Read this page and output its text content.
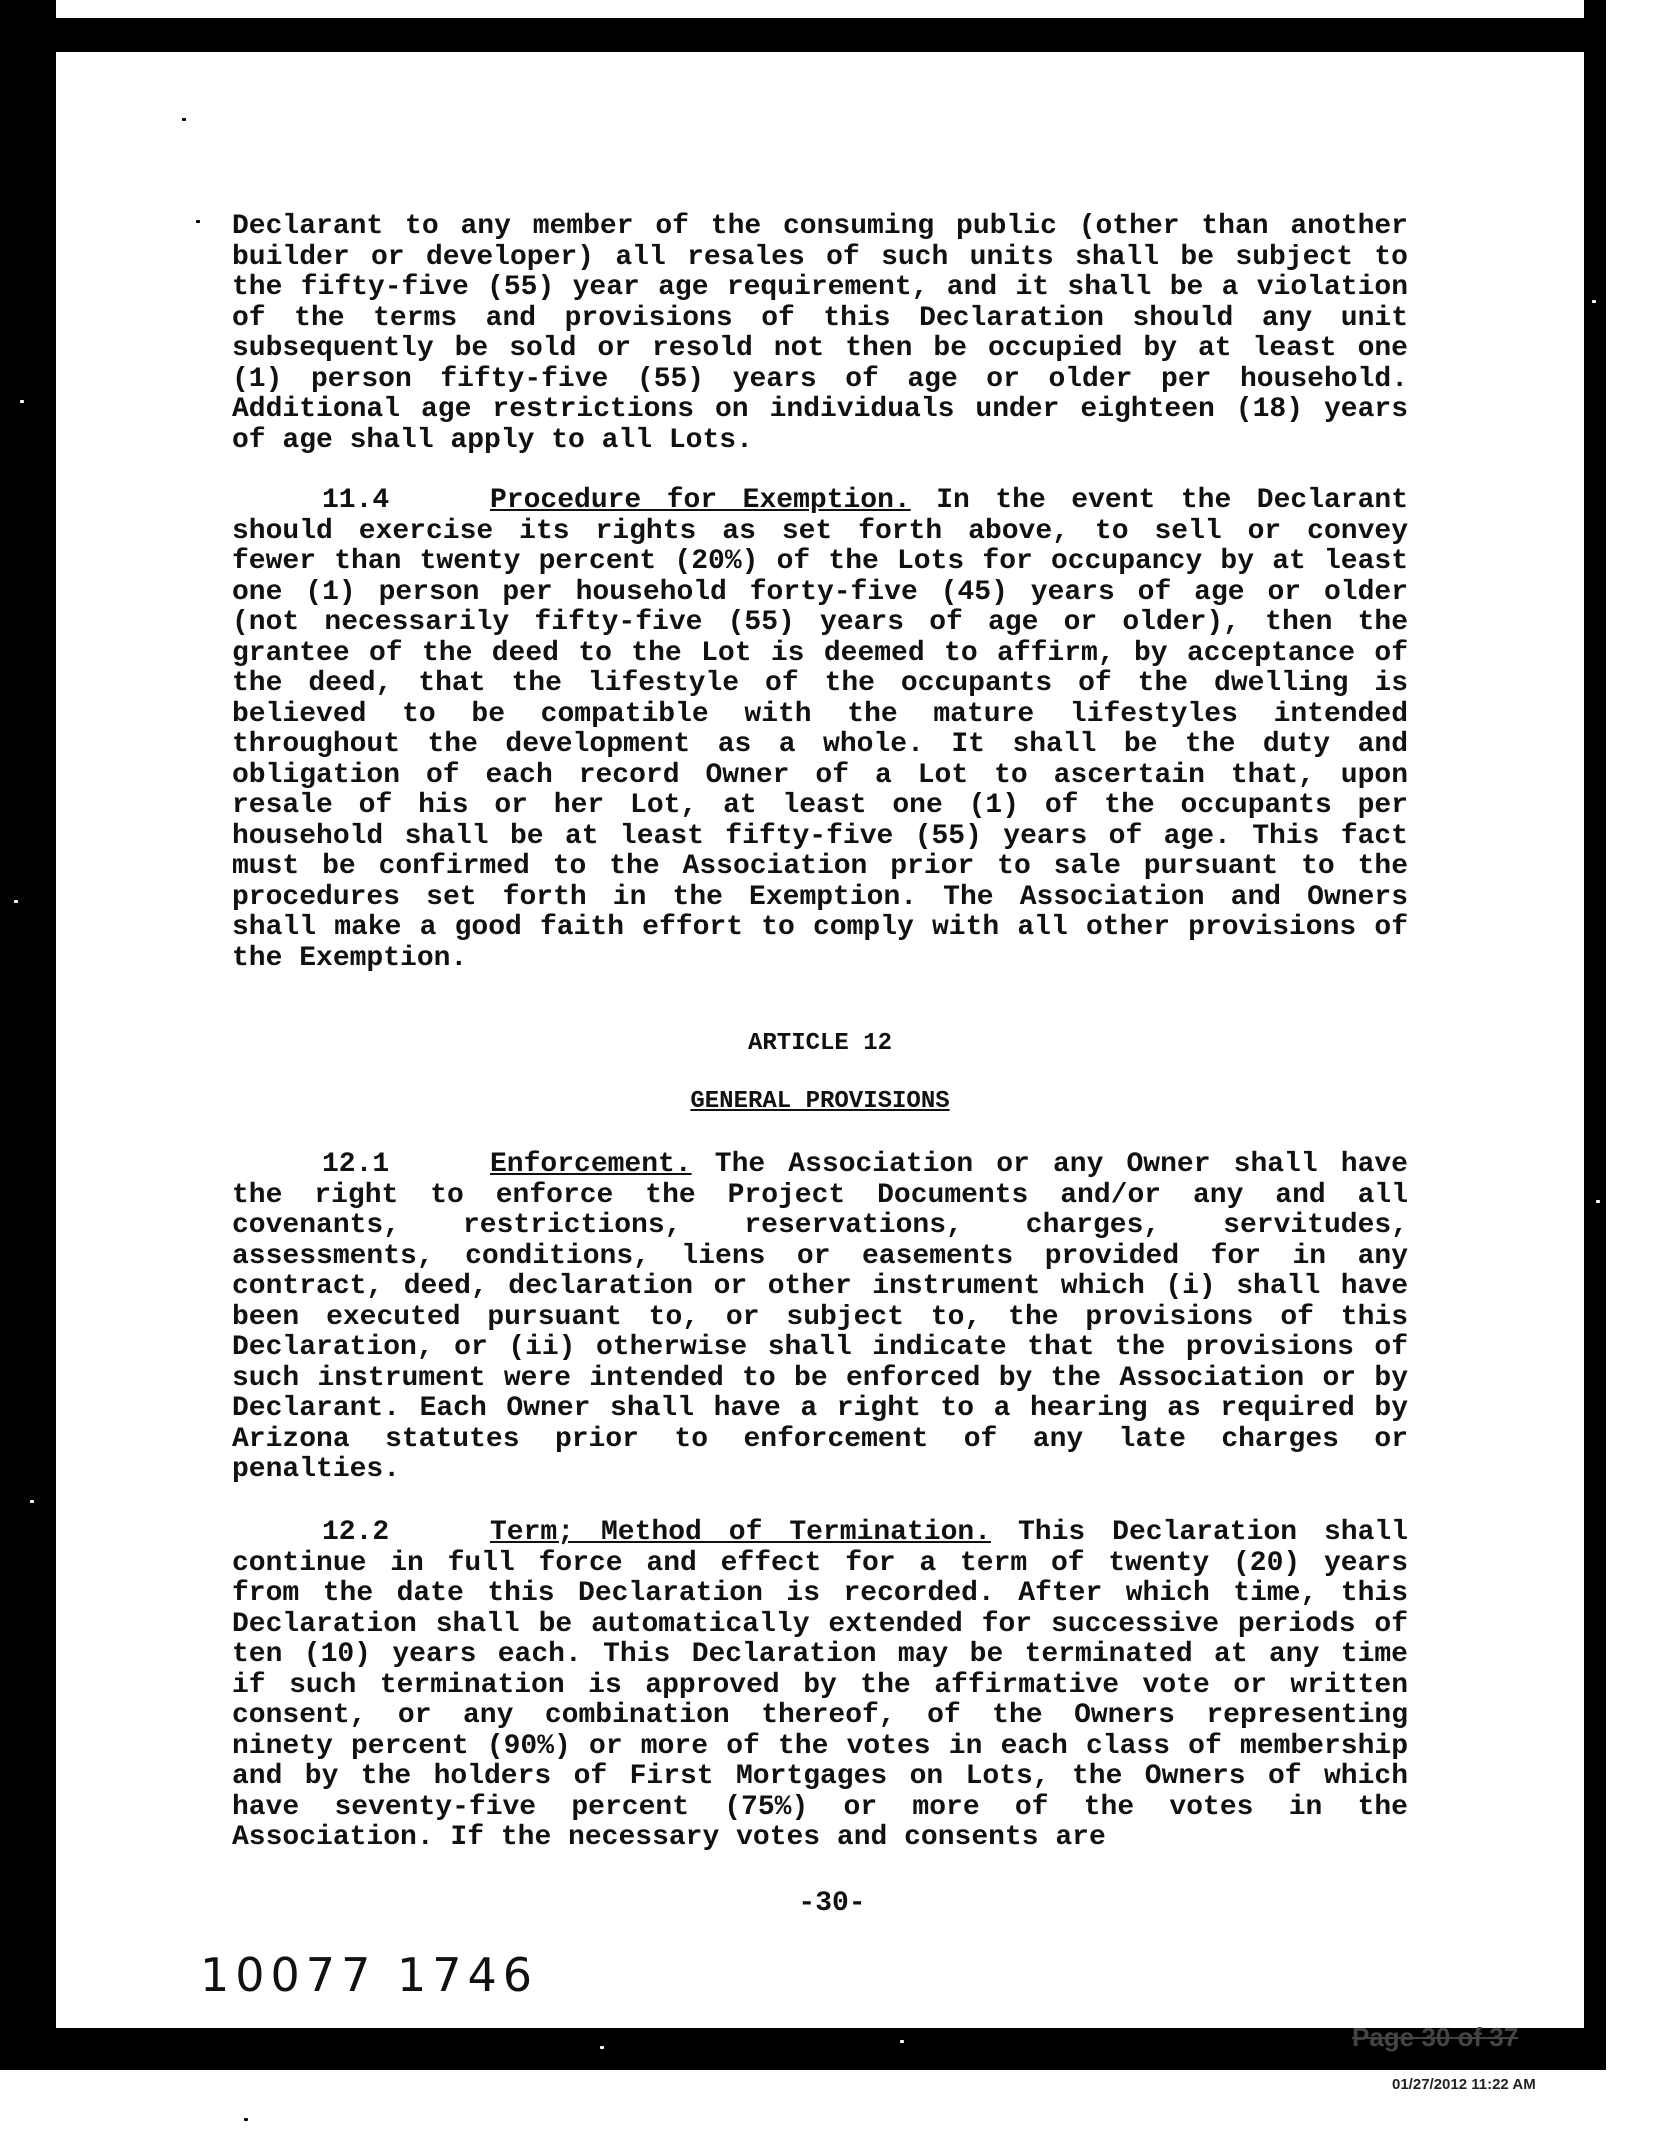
Declarant to any member of the consuming public (other than another builder or developer) all resales of such units shall be subject to the fifty-five (55) year age requirement, and it shall be a violation of the terms and provisions of this Declaration should any unit subsequently be sold or resold not then be occupied by at least one (1) person fifty-five (55) years of age or older per household. Additional age restrictions on individuals under eighteen (18) years of age shall apply to all Lots.

11.4	Procedure for Exemption. In the event the Declarant should exercise its rights as set forth above, to sell or convey fewer than twenty percent (20%) of the Lots for occupancy by at least one (1) person per household forty-five (45) years of age or older (not necessarily fifty-five (55) years of age or older), then the grantee of the deed to the Lot is deemed to affirm, by acceptance of the deed, that the lifestyle of the occupants of the dwelling is believed to be compatible with the mature lifestyles intended throughout the development as a whole. It shall be the duty and obligation of each record Owner of a Lot to ascertain that, upon resale of his or her Lot, at least one (1) of the occupants per household shall be at least fifty-five (55) years of age. This fact must be confirmed to the Association prior to sale pursuant to the procedures set forth in the Exemption. The Association and Owners shall make a good faith effort to comply with all other provisions of the Exemption.

ARTICLE 12

GENERAL PROVISIONS

12.1	Enforcement. The Association or any Owner shall have the right to enforce the Project Documents and/or any and all covenants, restrictions, reservations, charges, servitudes, assessments, conditions, liens or easements provided for in any contract, deed, declaration or other instrument which (i) shall have been executed pursuant to, or subject to, the provisions of this Declaration, or (ii) otherwise shall indicate that the provisions of such instrument were intended to be enforced by the Association or by Declarant. Each Owner shall have a right to a hearing as required by Arizona statutes prior to enforcement of any late charges or penalties.

12.2	Term; Method of Termination. This Declaration shall continue in full force and effect for a term of twenty (20) years from the date this Declaration is recorded. After which time, this Declaration shall be automatically extended for successive periods of ten (10) years each. This Declaration may be terminated at any time if such termination is approved by the affirmative vote or written consent, or any combination thereof, of the Owners representing ninety percent (90%) or more of the votes in each class of membership and by the holders of First Mortgages on Lots, the Owners of which have seventy-five percent (75%) or more of the votes in the Association. If the necessary votes and consents are

-30-
10077 1746
Page 30 of 37
01/27/2012 11:22 AM
